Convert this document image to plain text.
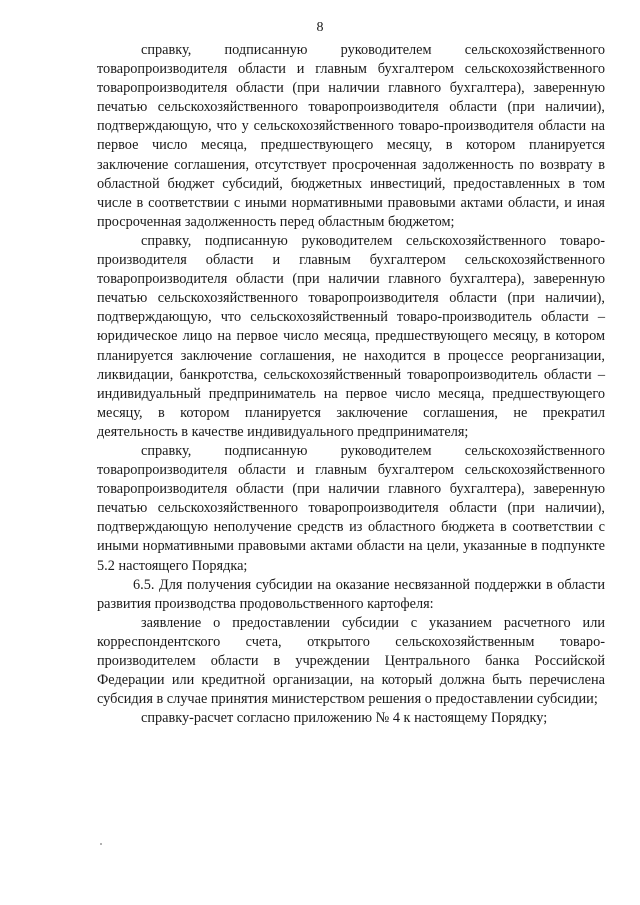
8

справку, подписанную руководителем сельскохозяйственного товаропроизводителя области и главным бухгалтером сельскохозяйственного товаропроизводителя области (при наличии главного бухгалтера), заверенную печатью сельскохозяйственного товаропроизводителя области (при наличии), подтверждающую, что у сельскохозяйственного товаро-производителя области на первое число месяца, предшествующего месяцу, в котором планируется заключение соглашения, отсутствует просроченная задолженность по возврату в областной бюджет субсидий, бюджетных инвестиций, предоставленных в том числе в соответствии с иными нормативными правовыми актами области, и иная просроченная задолженность перед областным бюджетом;

справку, подписанную руководителем сельскохозяйственного товаро-производителя области и главным бухгалтером сельскохозяйственного товаропроизводителя области (при наличии главного бухгалтера), заверенную печатью сельскохозяйственного товаропроизводителя области (при наличии), подтверждающую, что сельскохозяйственный товаро-производитель области – юридическое лицо на первое число месяца, предшествующего месяцу, в котором планируется заключение соглашения, не находится в процессе реорганизации, ликвидации, банкротства, сельскохозяйственный товаропроизводитель области – индивидуальный предприниматель на первое число месяца, предшествующего месяцу, в котором планируется заключение соглашения, не прекратил деятельность в качестве индивидуального предпринимателя;

справку, подписанную руководителем сельскохозяйственного товаропроизводителя области и главным бухгалтером сельскохозяйственного товаропроизводителя области (при наличии главного бухгалтера), заверенную печатью сельскохозяйственного товаропроизводителя области (при наличии), подтверждающую неполучение средств из областного бюджета в соответствии с иными нормативными правовыми актами области на цели, указанные в подпункте 5.2 настоящего Порядка;

6.5. Для получения субсидии на оказание несвязанной поддержки в области развития производства продовольственного картофеля:

заявление о предоставлении субсидии с указанием расчетного или корреспондентского счета, открытого сельскохозяйственным товаро-производителем области в учреждении Центрального банка Российской Федерации или кредитной организации, на который должна быть перечислена субсидия в случае принятия министерством решения о предоставлении субсидии;

справку-расчет согласно приложению № 4 к настоящему Порядку;
